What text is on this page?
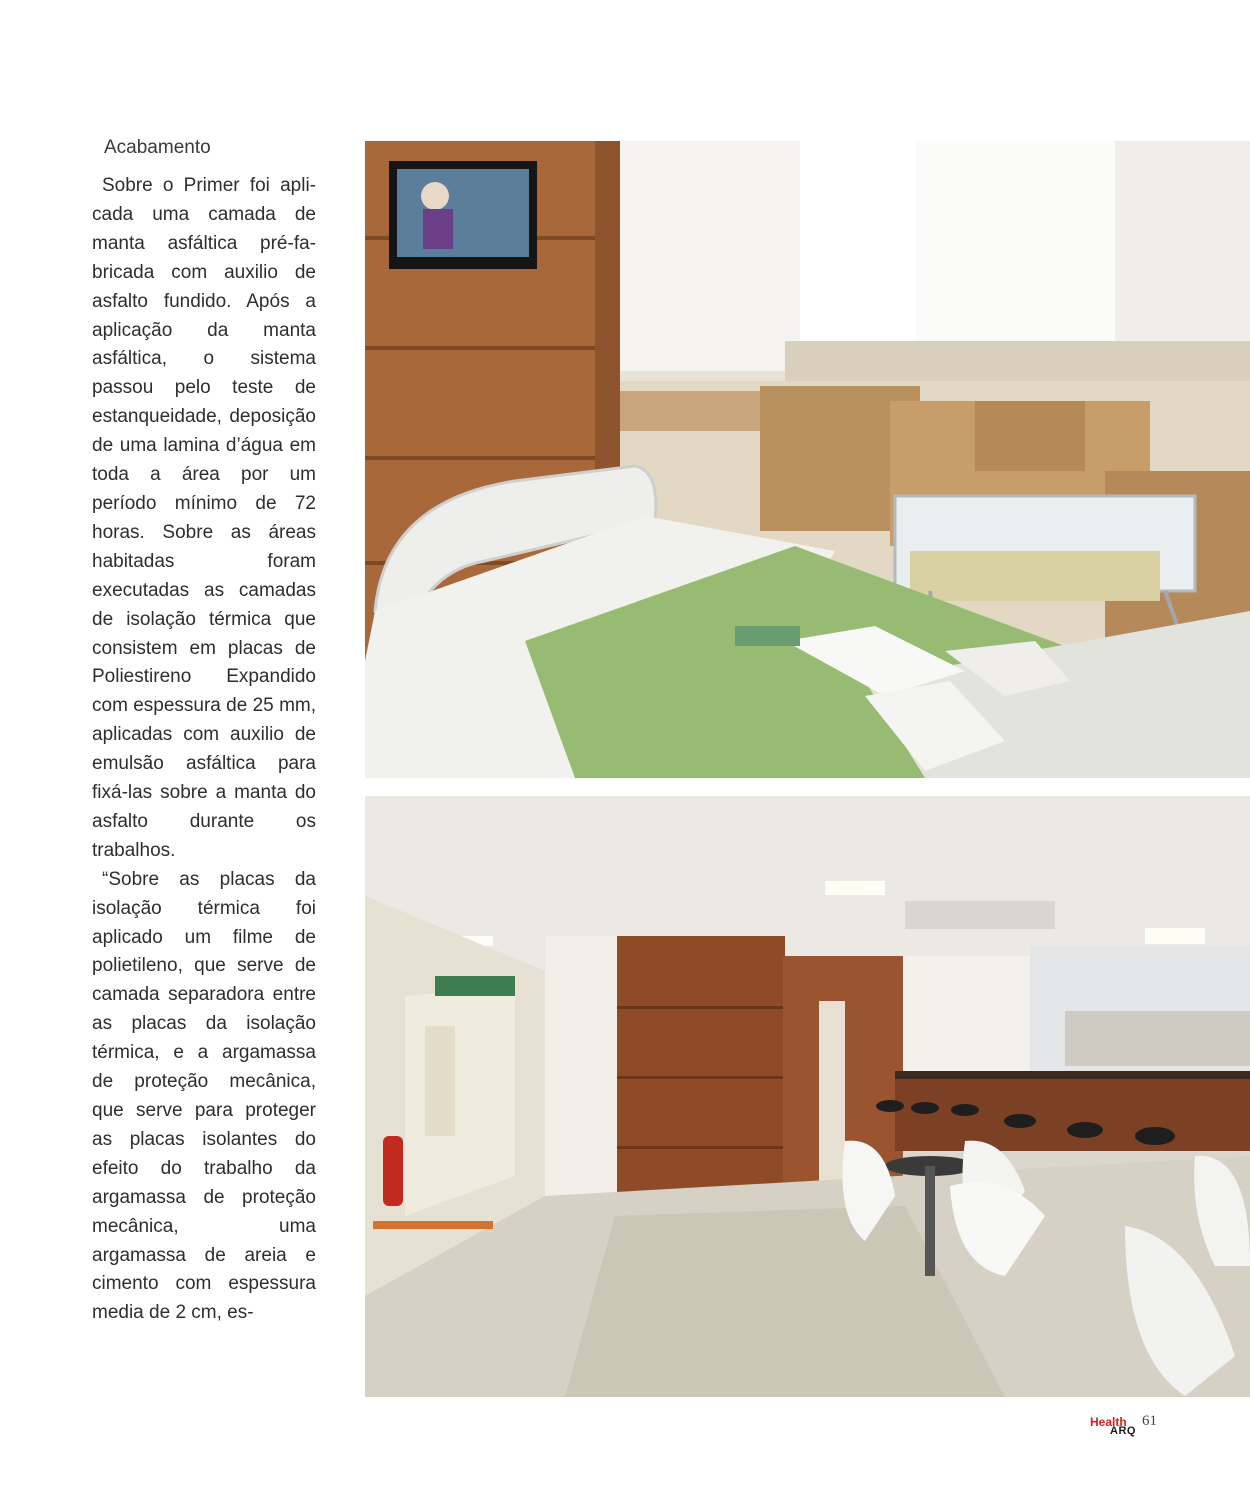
Acabamento

Sobre o Primer foi aplicada uma camada de manta asfáltica pré-fabricada com auxilio de asfalto fundido. Após a aplicação da manta asfáltica, o sistema passou pelo teste de estanqueidade, deposição de uma lamina d’água em toda a área por um período mínimo de 72 horas. Sobre as áreas habitadas foram executadas as camadas de isolação térmica que consistem em placas de Poliestireno Expandido com espessura de 25 mm, aplicadas com auxilio de emulsão asfáltica para fixá-las sobre a manta do asfalto durante os trabalhos.

“Sobre as placas da isolação térmica foi aplicado um filme de polietileno, que serve de camada separadora entre as placas da isolação térmica, e a argamassa de proteção mecânica, que serve para proteger as placas isolantes do efeito do trabalho da argamassa de proteção mecânica, uma argamassa de areia e cimento com espessura media de 2 cm, es-

Health
ARQ
61
